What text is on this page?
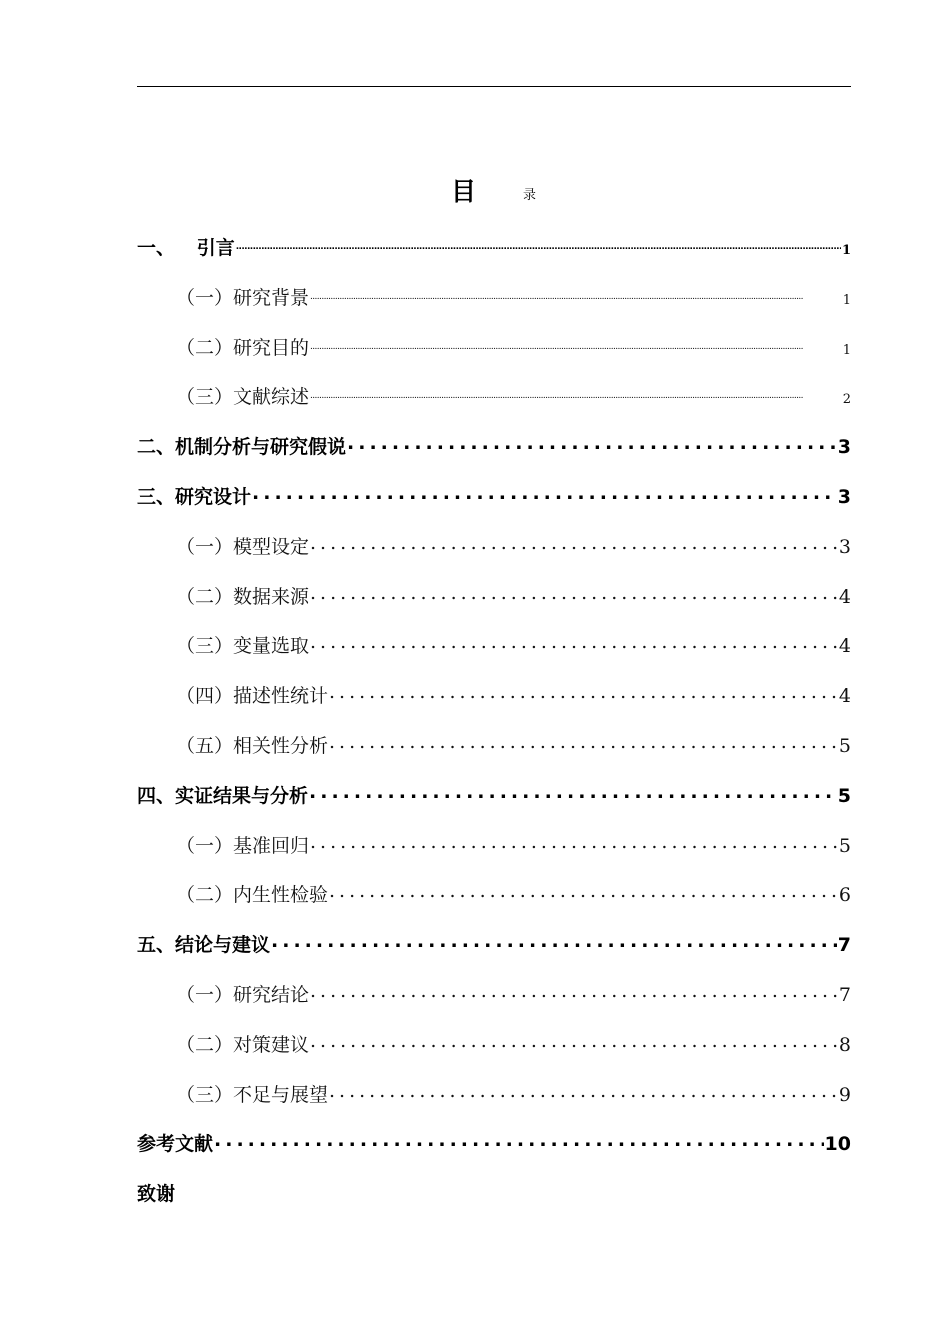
目	录
一、 引言 .....	1
（一）研究背景 .....	1
（二）研究目的 .....	1
（三）文献综述 .....	2
二、机制分析与研究假说 .....	3
三、研究设计 .....	3
（一）模型设定 .....	3
（二）数据来源 .....	4
（三）变量选取 .....	4
（四）描述性统计 .....	4
（五）相关性分析 .....	5
四、实证结果与分析 .....	5
（一）基准回归 .....	5
（二）内生性检验 .....	6
五、结论与建议 .....	7
（一）研究结论 .....	7
（二）对策建议 .....	8
（三）不足与展望 .....	9
参考文献 .....	10
致谢
